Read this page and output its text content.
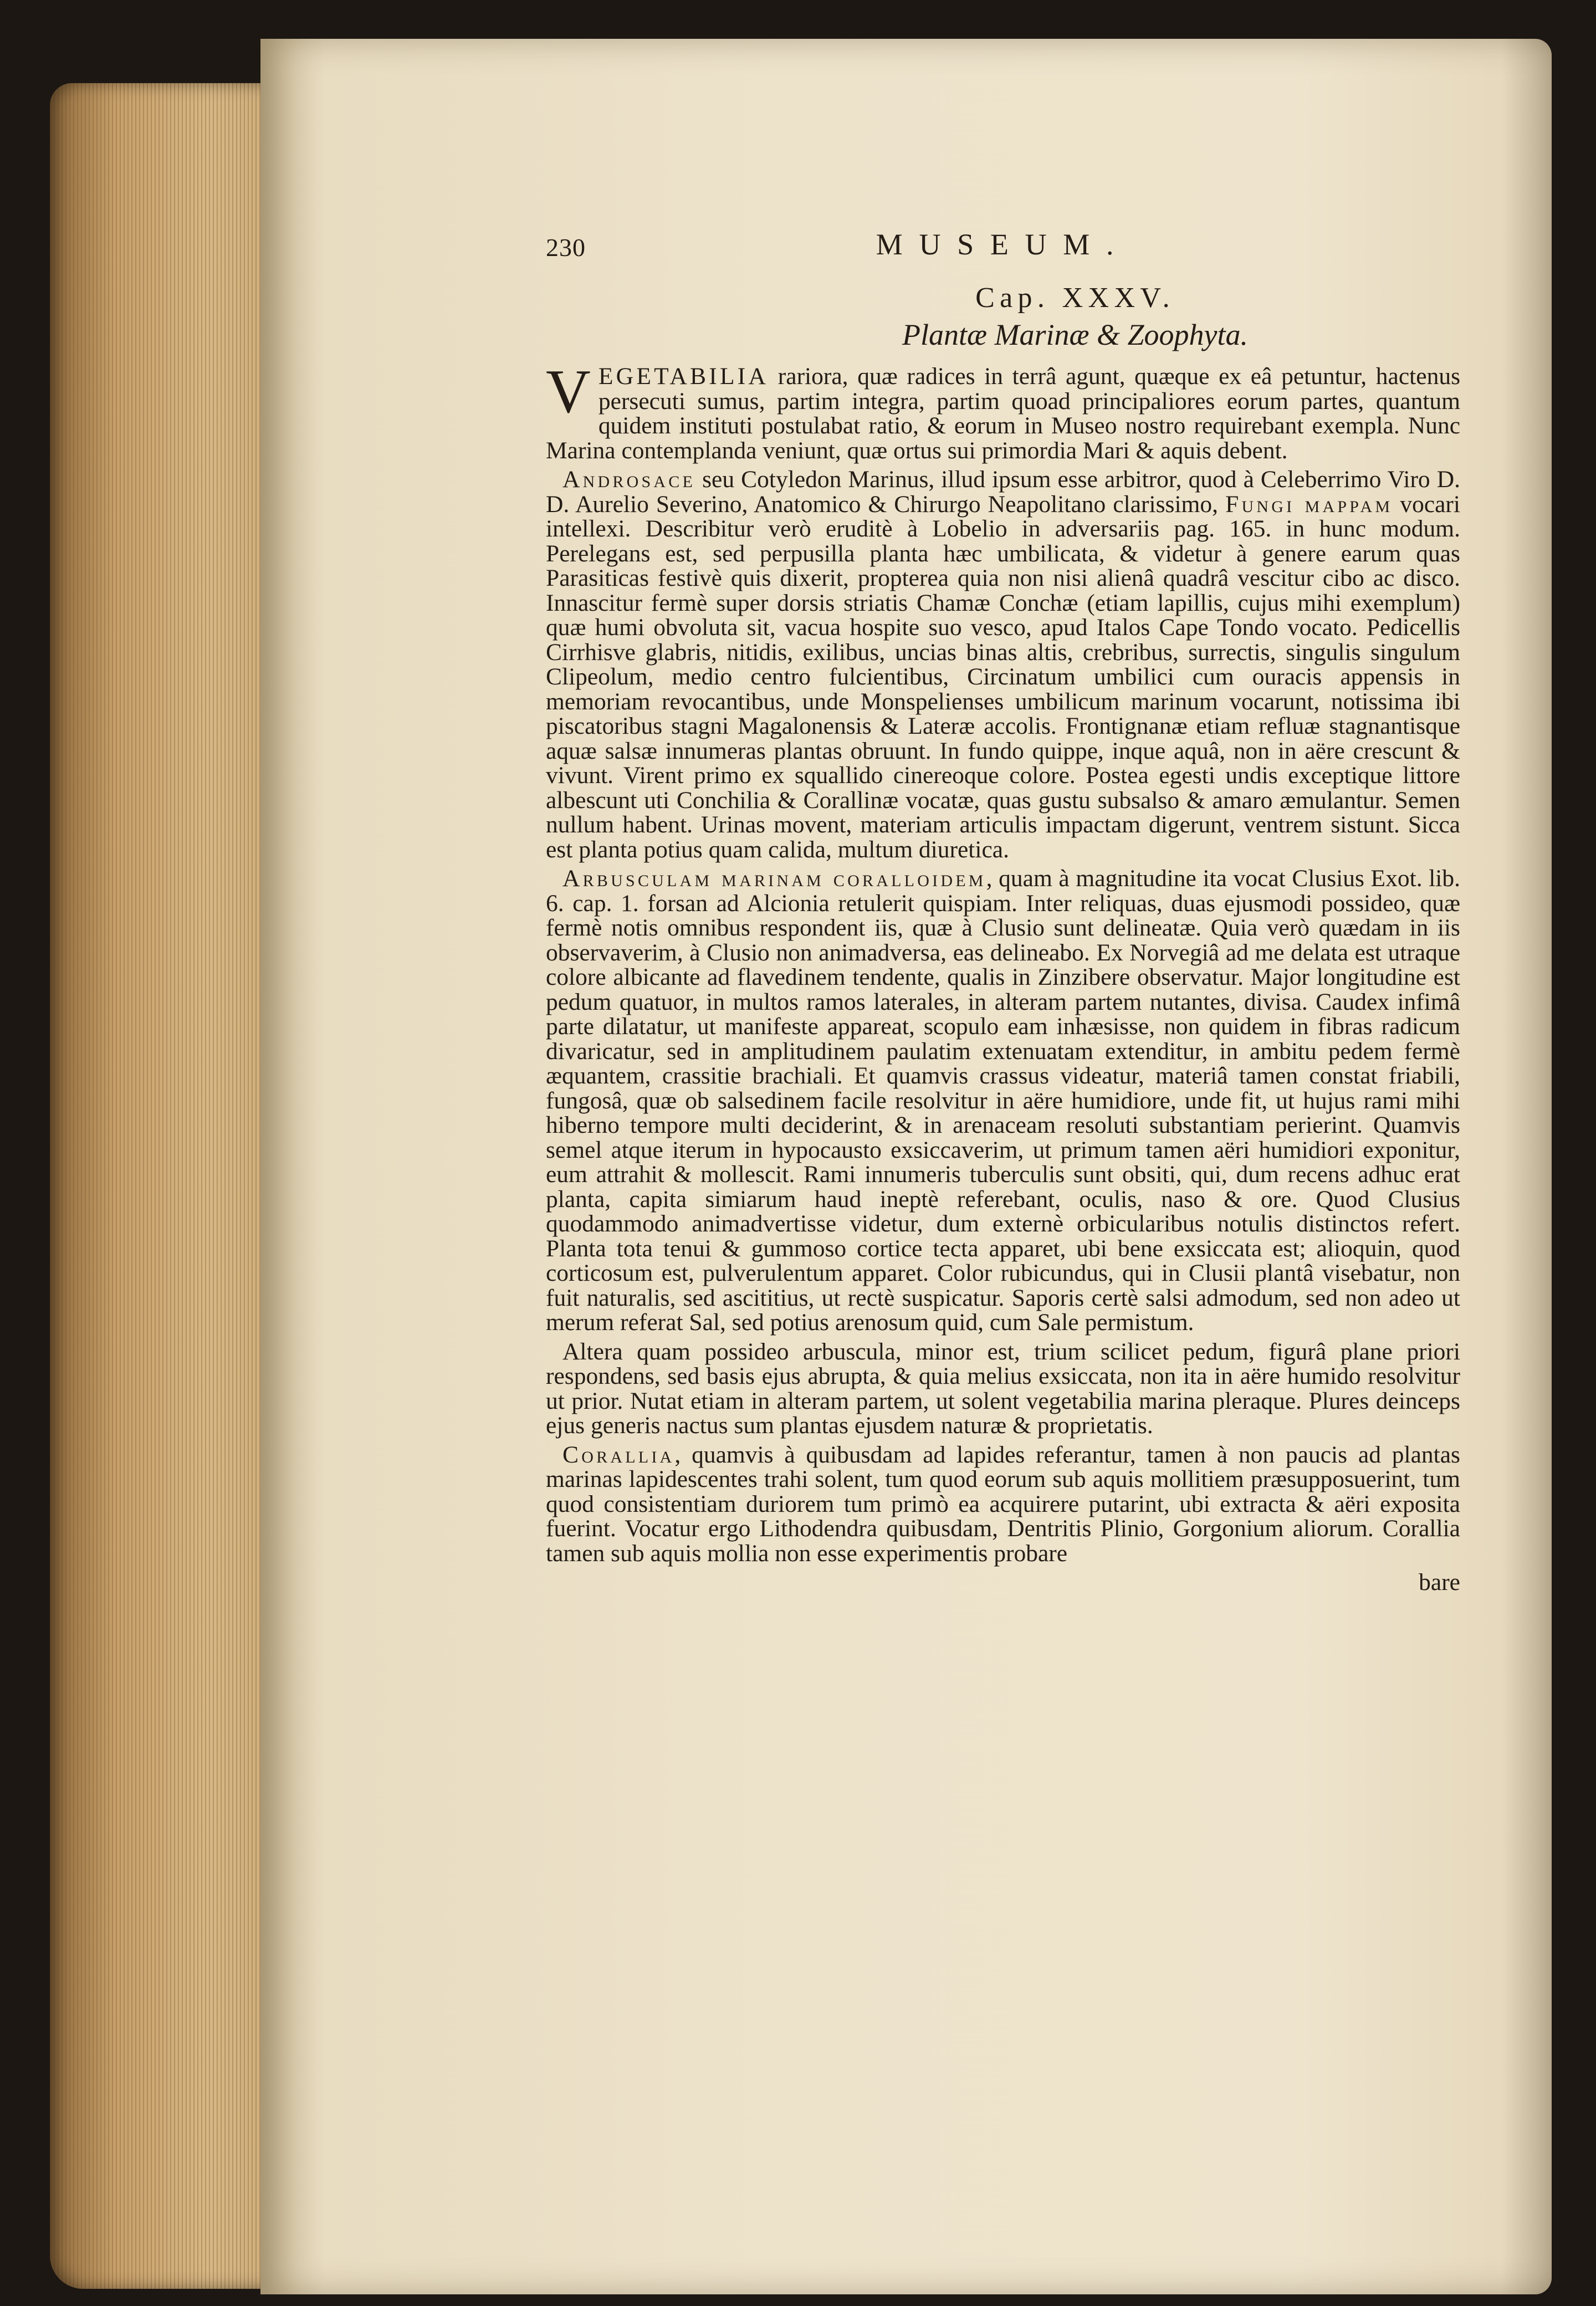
230	MUSEUM.
Cap. XXXV.
Plantæ Marinæ & Zoophyta.

VEGETABILIA rariora, quæ radices in terrâ agunt, quæque ex eâ petuntur, hactenus persecuti sumus, partim integra, partim quoad principaliores eorum partes, quantum quidem instituti postulabat ratio, & eorum in Museo nostro requirebant exempla. Nunc Marina contemplanda veniunt, quæ ortus sui primordia Mari & aquis debent.

Androsace seu Cotyledon Marinus, illud ipsum esse arbitror, quod à Celeberrimo Viro D. D. Aurelio Severino, Anatomico & Chirurgo Neapolitano clarissimo, Fungi mappam vocari intellexi. Describitur verò eruditè à Lobelio in adversariis pag. 165. in hunc modum. Perelegans est, sed perpusilla planta hæc umbilicata, & videtur à genere earum quas Parasiticas festivè quis dixerit, propterea quia non nisi alienâ quadrâ vescitur cibo ac disco. Innascitur fermè super dorsis striatis Chamæ Conchæ (etiam lapillis, cujus mihi exemplum) quæ humi obvoluta sit, vacua hospite suo vesco, apud Italos Cape Tondo vocato. Pedicellis Cirrhisve glabris, nitidis, exilibus, uncias binas altis, crebribus, surrectis, singulis singulum Clipeolum, medio centro fulcientibus, Circinatum umbilici cum ouracis appensis in memoriam revocantibus, unde Monspelienses umbilicum marinum vocarunt, notissima ibi piscatoribus stagni Magalonensis & Lateræ accolis. Frontignanæ etiam refluæ stagnantisque aquæ salsæ innumeras plantas obruunt. In fundo quippe, inque aquâ, non in aëre crescunt & vivunt. Virent primo ex squallido cinereoque colore. Postea egesti undis exceptique littore albescunt uti Conchilia & Corallinæ vocatæ, quas gustu subsalso & amaro æmulantur. Semen nullum habent. Urinas movent, materiam articulis impactam digerunt, ventrem sistunt. Sicca est planta potius quam calida, multum diuretica.

Arbusculam marinam coralloidem, quam à magnitudine ita vocat Clusius Exot. lib. 6. cap. 1. forsan ad Alcionia retulerit quispiam. Inter reliquas, duas ejusmodi possideo, quæ fermè notis omnibus respondent iis, quæ à Clusio sunt delineatæ. Quia verò quædam in iis observaverim, à Clusio non animadversa, eas delineabo. Ex Norvegiâ ad me delata est utraque colore albicante ad flavedinem tendente, qualis in Zinzibere observatur. Major longitudine est pedum quatuor, in multos ramos laterales, in alteram partem nutantes, divisa. Caudex infimâ parte dilatatur, ut manifeste appareat, scopulo eam inhæsisse, non quidem in fibras radicum divaricatur, sed in amplitudinem paulatim extenuatam extenditur, in ambitu pedem fermè æquantem, crassitie brachiali. Et quamvis crassus videatur, materiâ tamen constat friabili, fungosâ, quæ ob salsedinem facile resolvitur in aëre humidiore, unde fit, ut hujus rami mihi hiberno tempore multi deciderint, & in arenaceam resoluti substantiam perierint. Quamvis semel atque iterum in hypocausto exsiccaverim, ut primum tamen aëri humidiori exponitur, eum attrahit & mollescit. Rami innumeris tuberculis sunt obsiti, qui, dum recens adhuc erat planta, capita simiarum haud ineptè referebant, oculis, naso & ore. Quod Clusius quodammodo animadvertisse videtur, dum externè orbicularibus notulis distinctos refert. Planta tota tenui & gummoso cortice tecta apparet, ubi bene exsiccata est; alioquin, quod corticosum est, pulverulentum apparet. Color rubicundus, qui in Clusii plantâ visebatur, non fuit naturalis, sed ascititius, ut rectè suspicatur. Saporis certè salsi admodum, sed non adeo ut merum referat Sal, sed potius arenosum quid, cum Sale permistum.

Altera quam possideo arbuscula, minor est, trium scilicet pedum, figurâ plane priori respondens, sed basis ejus abrupta, & quia melius exsiccata, non ita in aëre humido resolvitur ut prior. Nutat etiam in alteram partem, ut solent vegetabilia marina pleraque. Plures deinceps ejus generis nactus sum plantas ejusdem naturæ & proprietatis.

Corallia, quamvis à quibusdam ad lapides referantur, tamen à non paucis ad plantas marinas lapidescentes trahi solent, tum quod eorum sub aquis mollitiem præsupposuerint, tum quod consistentiam duriorem tum primò ea acquirere putarint, ubi extracta & aëri exposita fuerint. Vocatur ergo Lithodendra quibusdam, Dentritis Plinio, Gorgonium aliorum. Corallia tamen sub aquis mollia non esse experimentis probare

bare
